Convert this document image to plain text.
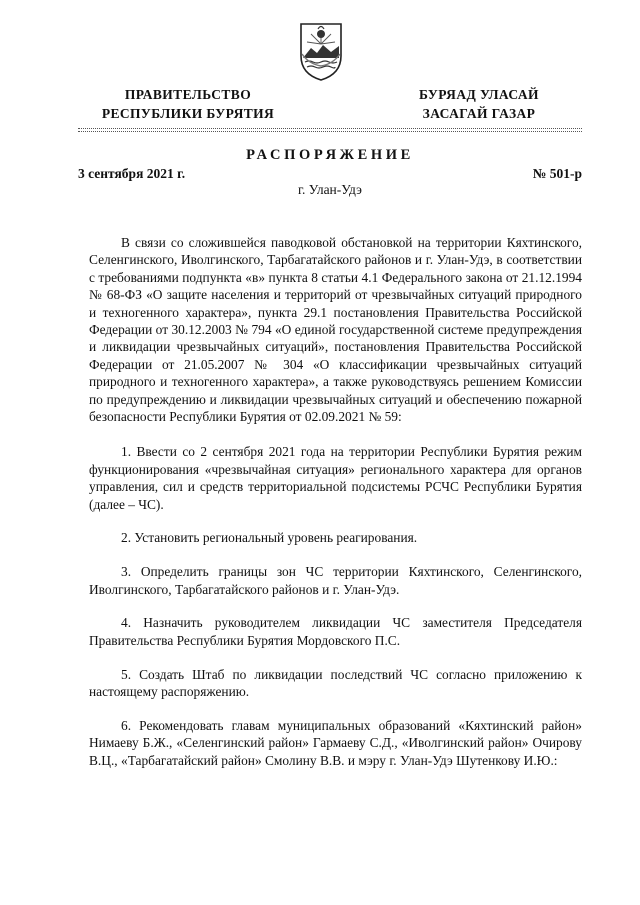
ПРАВИТЕЛЬСТВО
РЕСПУБЛИКИ БУРЯТИЯ
БУРЯАД УЛАСАЙ
ЗАСАГАЙ ГАЗАР
РАСПОРЯЖЕНИЕ
3 сентября 2021 г.	№ 501-р
г. Улан-Удэ

В связи со сложившейся паводковой обстановкой на территории Кяхтинского, Селенгинского, Иволгинского, Тарбагатайского районов и г. Улан-Удэ, в соответствии с требованиями подпункта «в» пункта 8 статьи 4.1 Федерального закона от 21.12.1994 № 68-ФЗ «О защите населения и территорий от чрезвычайных ситуаций природного и техногенного характера», пункта 29.1 постановления Правительства Российской Федерации от 30.12.2003 № 794 «О единой государственной системе предупреждения и ликвидации чрезвычайных ситуаций», постановления Правительства Российской Федерации от 21.05.2007 № 304 «О классификации чрезвычайных ситуаций природного и техногенного характера», а также руководствуясь решением Комиссии по предупреждению и ликвидации чрезвычайных ситуаций и обеспечению пожарной безопасности Республики Бурятия от 02.09.2021 № 59:

1. Ввести со 2 сентября 2021 года на территории Республики Бурятия режим функционирования «чрезвычайная ситуация» регионального характера для органов управления, сил и средств территориальной подсистемы РСЧС Республики Бурятия (далее – ЧС).

2. Установить региональный уровень реагирования.

3. Определить границы зон ЧС территории Кяхтинского, Селенгинского, Иволгинского, Тарбагатайского районов и г. Улан-Удэ.

4. Назначить руководителем ликвидации ЧС заместителя Председателя Правительства Республики Бурятия Мордовского П.С.

5. Создать Штаб по ликвидации последствий ЧС согласно приложению к настоящему распоряжению.

6. Рекомендовать главам муниципальных образований «Кяхтинский район» Нимаеву Б.Ж., «Селенгинский район» Гармаеву С.Д., «Иволгинский район» Очирову В.Ц., «Тарбагатайский район» Смолину В.В. и мэру г. Улан-Удэ Шутенкову И.Ю.:
